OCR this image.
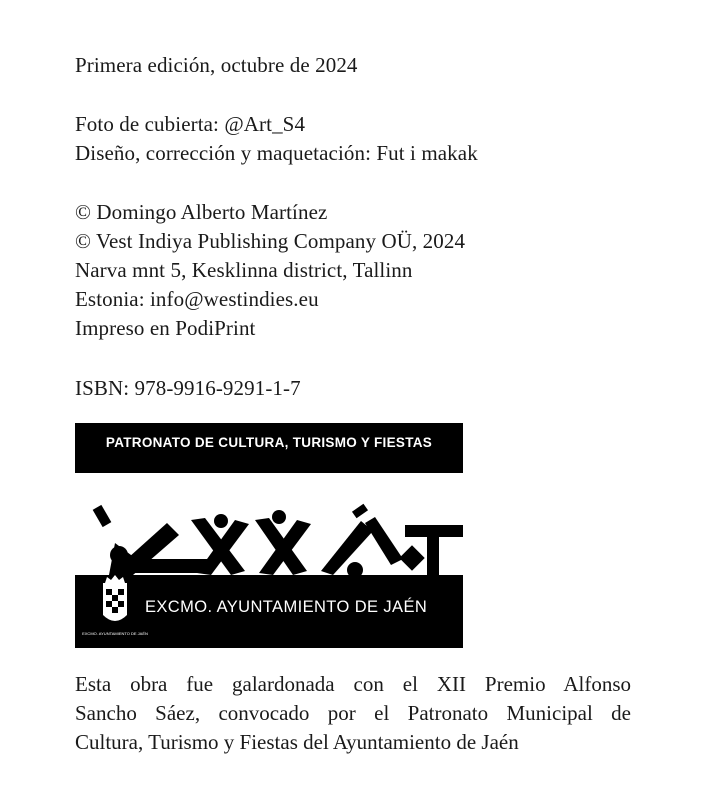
Primera edición, octubre de 2024
Foto de cubierta: @Art_S4
Diseño, corrección y maquetación: Fut i makak
© Domingo Alberto Martínez
© Vest Indiya Publishing Company OÜ, 2024
Narva mnt 5, Kesklinna district, Tallinn
Estonia: info@westindies.eu
Impreso en PodiPrint
ISBN: 978-9916-9291-1-7
PATRONATO DE CULTURA, TURISMO Y FIESTAS
EXCMO. AYUNTAMIENTO DE JAÉN
EXCMO. AYUNTAMIENTO DE JAÉN
Esta obra fue galardonada con el XII Premio Alfonso
Sancho Sáez, convocado por el Patronato Municipal de
Cultura, Turismo y Fiestas del Ayuntamiento de Jaén
